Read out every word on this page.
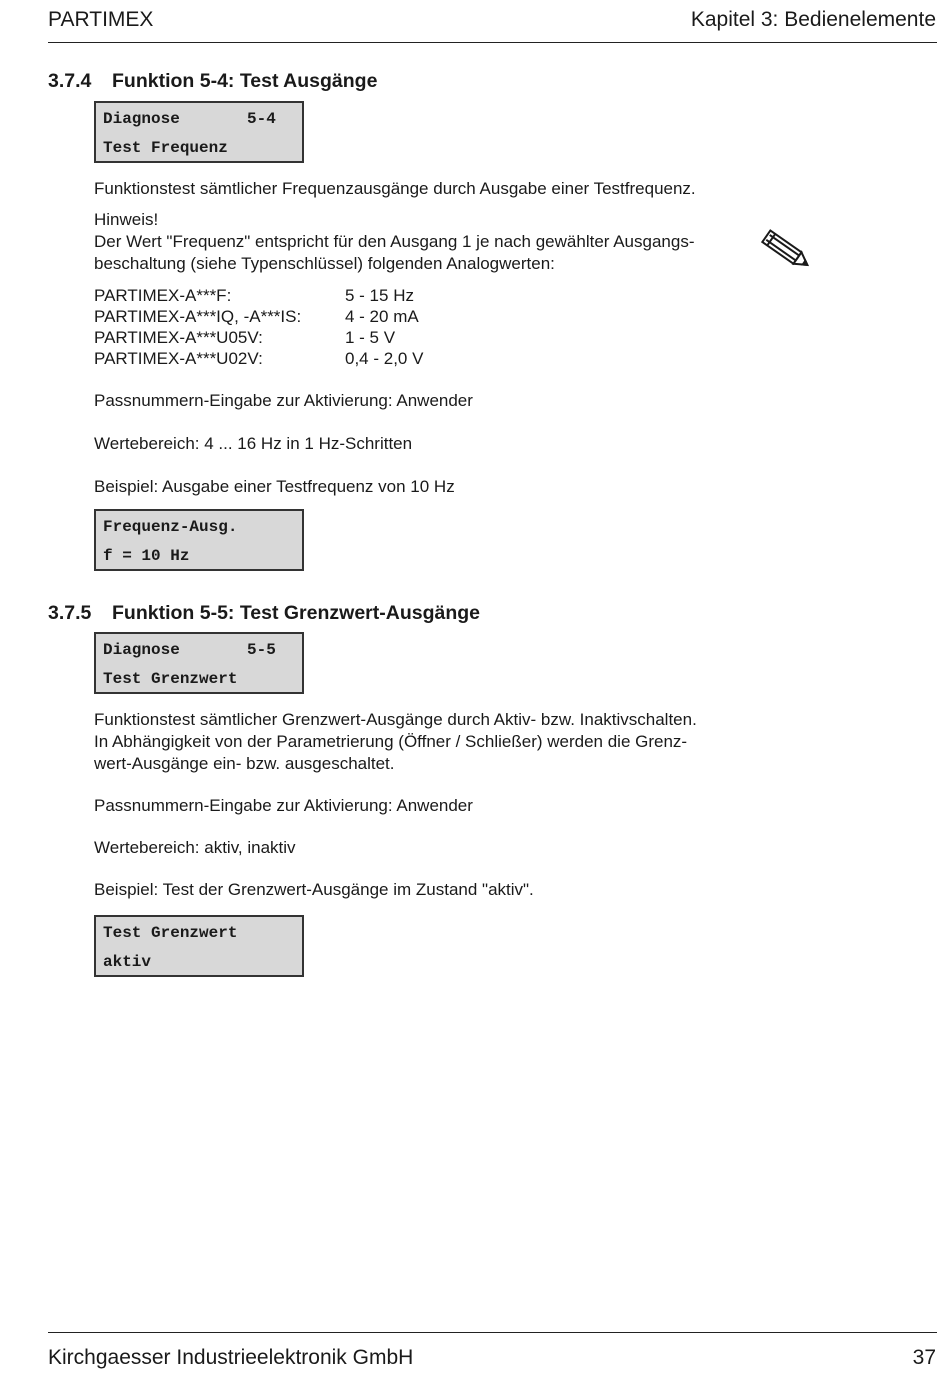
PARTIMEX	Kapitel 3: Bedienelemente
3.7.4 Funktion 5-4: Test Ausgänge
Diagnose       5-4
Test Frequenz
Funktionstest sämtlicher Frequenzausgänge durch Ausgabe einer Testfrequenz.
Hinweis!
Der Wert "Frequenz" entspricht für den Ausgang 1 je nach gewählter Ausgangs-
beschaltung (siehe Typenschlüssel) folgenden Analogwerten:
PARTIMEX-A***F:	5 - 15 Hz
PARTIMEX-A***IQ, -A***IS:	4 - 20 mA
PARTIMEX-A***U05V:	1 - 5 V
PARTIMEX-A***U02V:	0,4 - 2,0 V
Passnummern-Eingabe zur Aktivierung: Anwender
Wertebereich: 4 ... 16 Hz in 1 Hz-Schritten
Beispiel: Ausgabe einer Testfrequenz von 10 Hz
Frequenz-Ausg.
f = 10 Hz
3.7.5 Funktion 5-5: Test Grenzwert-Ausgänge
Diagnose       5-5
Test Grenzwert
Funktionstest sämtlicher Grenzwert-Ausgänge durch Aktiv- bzw. Inaktivschalten.
In Abhängigkeit von der Parametrierung (Öffner / Schließer) werden die Grenz-
wert-Ausgänge ein- bzw. ausgeschaltet.
Passnummern-Eingabe zur Aktivierung: Anwender
Wertebereich: aktiv, inaktiv
Beispiel: Test der Grenzwert-Ausgänge im Zustand "aktiv".
Test Grenzwert
aktiv
Kirchgaesser Industrieelektronik GmbH	37
